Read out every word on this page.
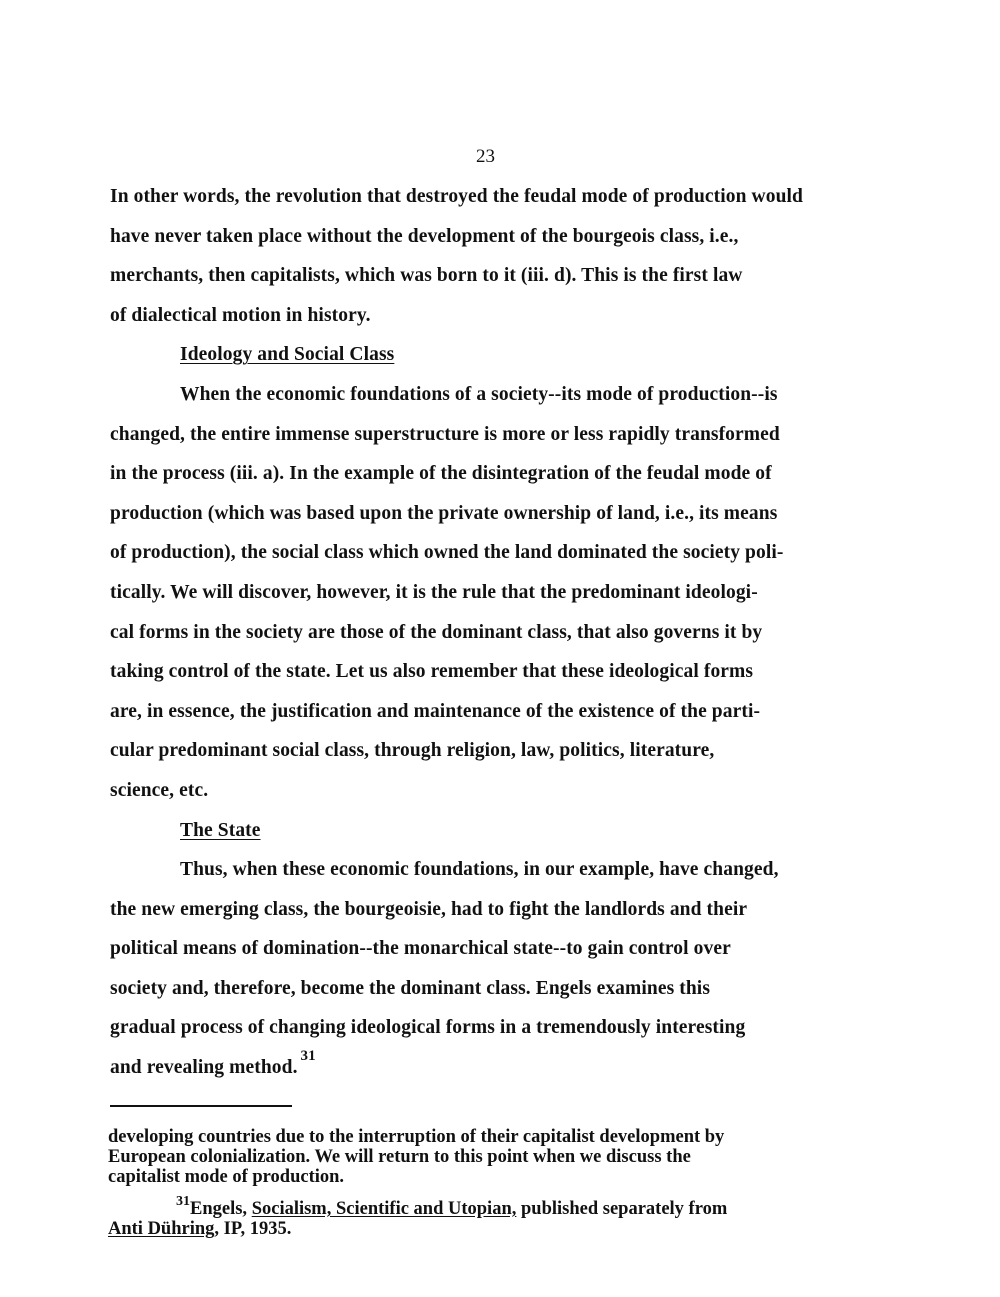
23
In other words, the revolution that destroyed the feudal mode of production would
have never taken place without the development of the bourgeois class, i.e.,
merchants, then capitalists, which was born to it (iii. d). This is the first law
of dialectical motion in history.
Ideology and Social Class
When the economic foundations of a society--its mode of production--is
changed, the entire immense superstructure is more or less rapidly transformed
in the process (iii. a). In the example of the disintegration of the feudal mode of
production (which was based upon the private ownership of land, i.e., its means
of production), the social class which owned the land dominated the society poli-
tically. We will discover, however, it is the rule that the predominant ideologi-
cal forms in the society are those of the dominant class, that also governs it by
taking control of the state. Let us also remember that these ideological forms
are, in essence, the justification and maintenance of the existence of the parti-
cular predominant social class, through religion, law, politics, literature,
science, etc.
The State
Thus, when these economic foundations, in our example, have changed,
the new emerging class, the bourgeoisie, had to fight the landlords and their
political means of domination--the monarchical state--to gain control over
society and, therefore, become the dominant class. Engels examines this
gradual process of changing ideological forms in a tremendously interesting
and revealing method.$^{31}$
developing countries due to the interruption of their capitalist development by
European colonialization. We will return to this point when we discuss the
capitalist mode of production.
$^{31}$Engels, Socialism, Scientific and Utopian, published separately from
Anti Dühring, IP, 1935.
